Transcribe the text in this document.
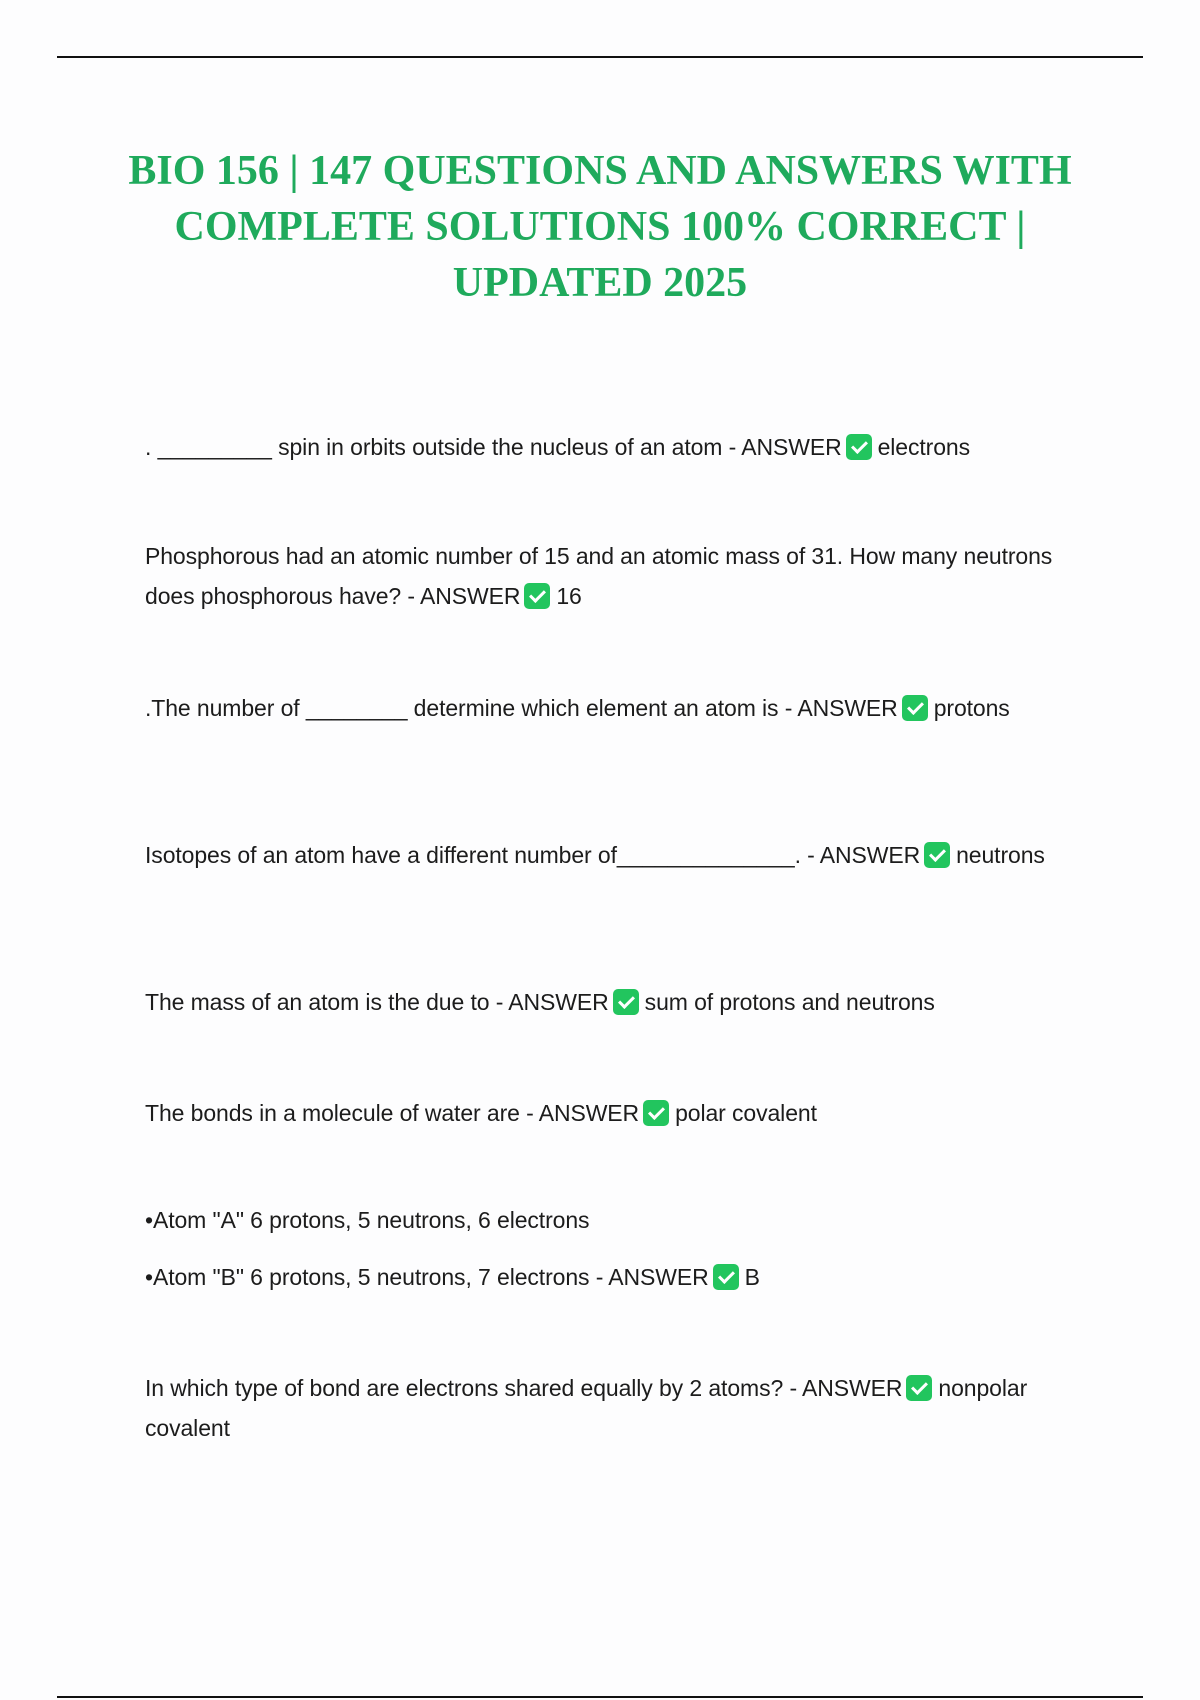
BIO 156 | 147 QUESTIONS AND ANSWERS WITH COMPLETE SOLUTIONS 100% CORRECT | UPDATED 2025

. _________ spin in orbits outside the nucleus of an atom - ANSWER electrons

Phosphorous had an atomic number of 15 and an atomic mass of 31. How many neutrons does phosphorous have? - ANSWER 16

.The number of ________ determine which element an atom is - ANSWER protons

Isotopes of an atom have a different number of______________. - ANSWER neutrons

The mass of an atom is the due to - ANSWER sum of protons and neutrons

The bonds in a molecule of water are - ANSWER polar covalent

•Atom "A" 6 protons, 5 neutrons, 6 electrons

•Atom "B" 6 protons, 5 neutrons, 7 electrons - ANSWER B

In which type of bond are electrons shared equally by 2 atoms? - ANSWER nonpolar covalent
